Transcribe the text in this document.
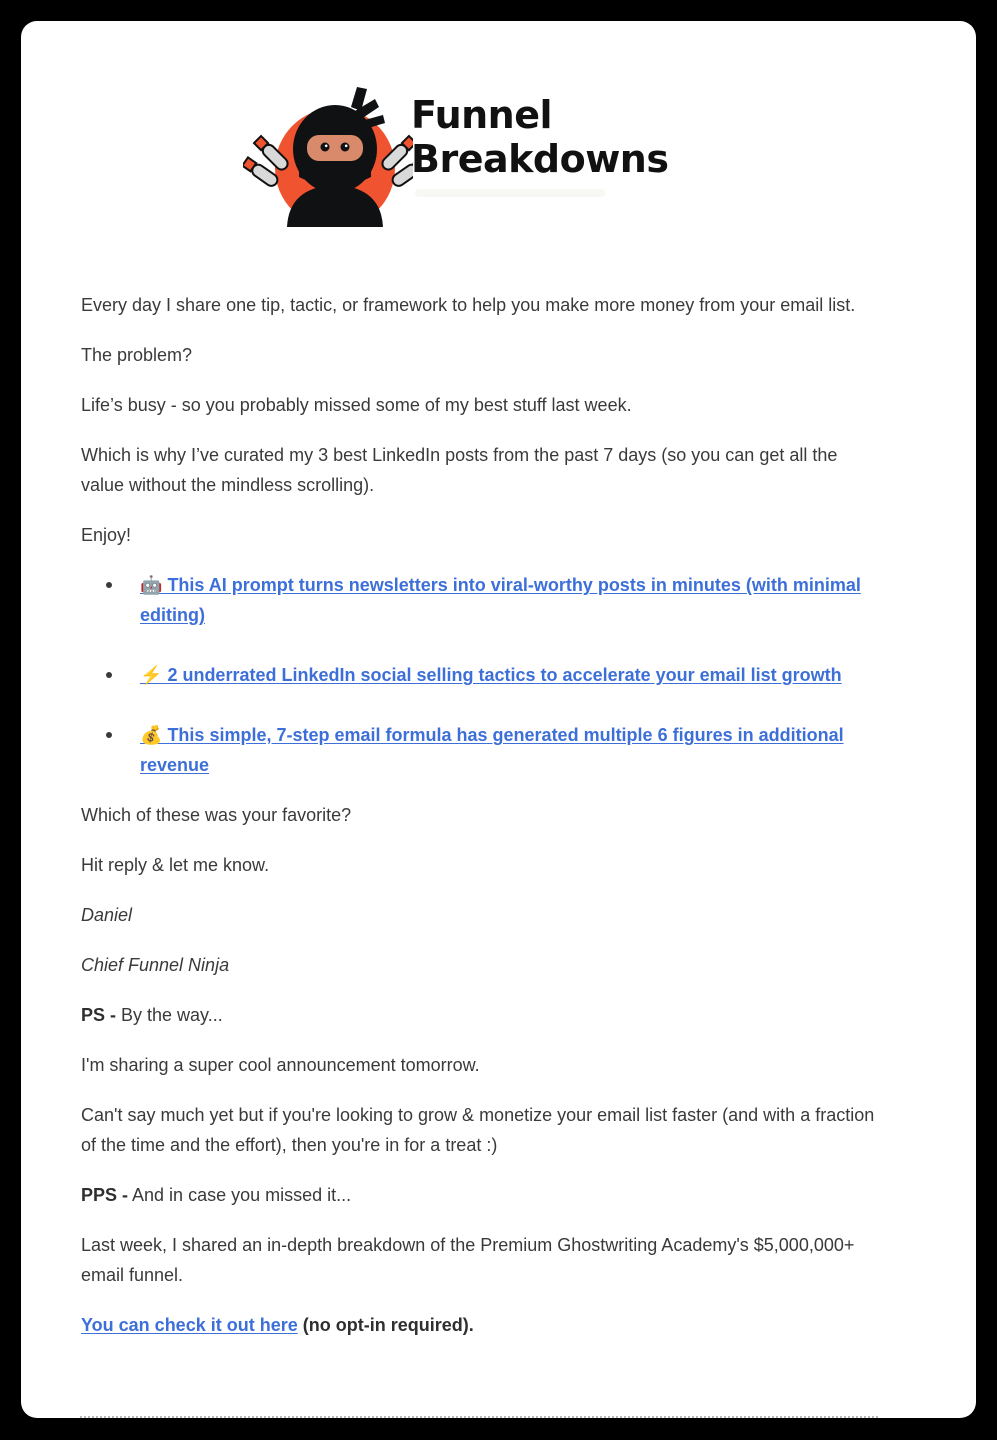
Funnel
Breakdowns

Every day I share one tip, tactic, or framework to help you make more money from your email list.

The problem?

Life’s busy - so you probably missed some of my best stuff last week.

Which is why I’ve curated my 3 best LinkedIn posts from the past 7 days (so you can get all the value without the mindless scrolling).

Enjoy!

🤖 This AI prompt turns newsletters into viral-worthy posts in minutes (with minimal editing)
⚡ 2 underrated LinkedIn social selling tactics to accelerate your email list growth
💰 This simple, 7-step email formula has generated multiple 6 figures in additional revenue

Which of these was your favorite?

Hit reply & let me know.

Daniel

Chief Funnel Ninja

PS - By the way...

I'm sharing a super cool announcement tomorrow.

Can't say much yet but if you're looking to grow & monetize your email list faster (and with a fraction of the time and the effort), then you're in for a treat :)

PPS - And in case you missed it...

Last week, I shared an in-depth breakdown of the Premium Ghostwriting Academy's $5,000,000+ email funnel.

You can check it out here (no opt-in required).
